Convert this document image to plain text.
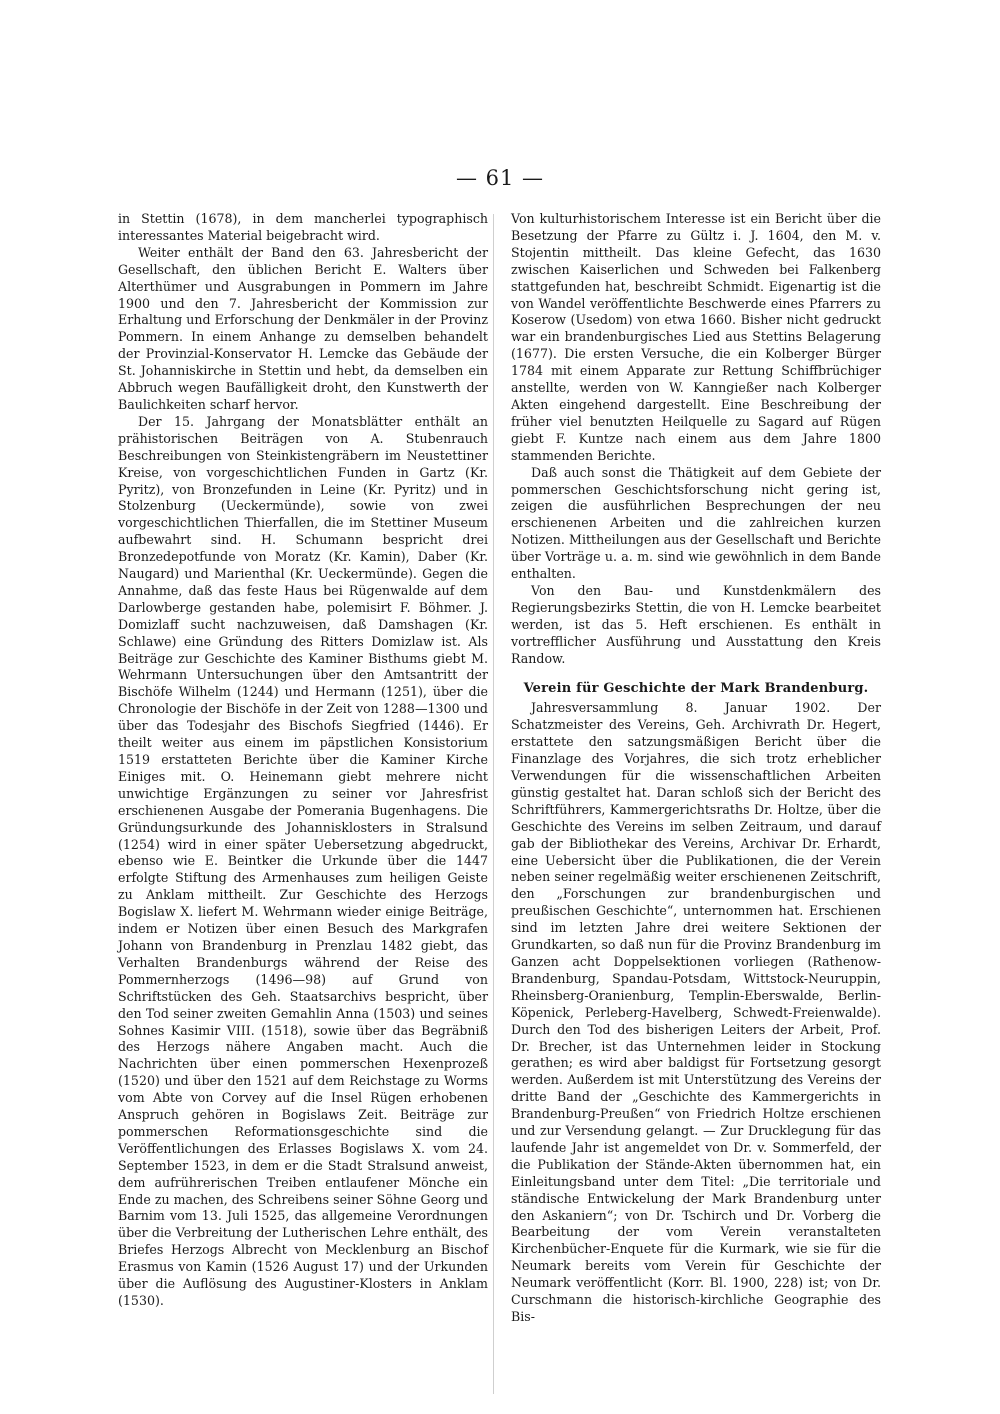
— 61 —

in Stettin (1678), in dem mancherlei typographisch interessantes Material beigebracht wird.

Weiter enthält der Band den 63. Jahresbericht der Gesellschaft, den üblichen Bericht E. Walters über Alterthümer und Ausgrabungen in Pommern im Jahre 1900 und den 7. Jahresbericht der Kommission zur Erhaltung und Erforschung der Denkmäler in der Provinz Pommern. In einem Anhange zu demselben behandelt der Provinzial-Konservator H. Lemcke das Gebäude der St. Johanniskirche in Stettin und hebt, da demselben ein Abbruch wegen Baufälligkeit droht, den Kunstwerth der Baulichkeiten scharf hervor.

Der 15. Jahrgang der Monatsblätter enthält an prähistorischen Beiträgen von A. Stubenrauch Beschreibungen von Steinkistengräbern im Neustettiner Kreise, von vorgeschichtlichen Funden in Gartz (Kr. Pyritz), von Bronzefunden in Leine (Kr. Pyritz) und in Stolzenburg (Ueckermünde), sowie von zwei vorgeschichtlichen Thierfallen, die im Stettiner Museum aufbewahrt sind. H. Schumann bespricht drei Bronzedepotfunde von Moratz (Kr. Kamin), Daber (Kr. Naugard) und Marienthal (Kr. Ueckermünde). Gegen die Annahme, daß das feste Haus bei Rügenwalde auf dem Darlowberge gestanden habe, polemisirt F. Böhmer. J. Domizlaff sucht nachzuweisen, daß Damshagen (Kr. Schlawe) eine Gründung des Ritters Domizlaw ist. Als Beiträge zur Geschichte des Kaminer Bisthums giebt M. Wehrmann Untersuchungen über den Amtsantritt der Bischöfe Wilhelm (1244) und Hermann (1251), über die Chronologie der Bischöfe in der Zeit von 1288—1300 und über das Todesjahr des Bischofs Siegfried (1446). Er theilt weiter aus einem im päpstlichen Konsistorium 1519 erstatteten Berichte über die Kaminer Kirche Einiges mit. O. Heinemann giebt mehrere nicht unwichtige Ergänzungen zu seiner vor Jahresfrist erschienenen Ausgabe der Pomerania Bugenhagens. Die Gründungsurkunde des Johannisklosters in Stralsund (1254) wird in einer später Uebersetzung abgedruckt, ebenso wie E. Beintker die Urkunde über die 1447 erfolgte Stiftung des Armenhauses zum heiligen Geiste zu Anklam mittheilt. Zur Geschichte des Herzogs Bogislaw X. liefert M. Wehrmann wieder einige Beiträge, indem er Notizen über einen Besuch des Markgrafen Johann von Brandenburg in Prenzlau 1482 giebt, das Verhalten Brandenburgs während der Reise des Pommernherzogs (1496—98) auf Grund von Schriftstücken des Geh. Staatsarchivs bespricht, über den Tod seiner zweiten Gemahlin Anna (1503) und seines Sohnes Kasimir VIII. (1518), sowie über das Begräbniß des Herzogs nähere Angaben macht. Auch die Nachrichten über einen pommerschen Hexenprozeß (1520) und über den 1521 auf dem Reichstage zu Worms vom Abte von Corvey auf die Insel Rügen erhobenen Anspruch gehören in Bogislaws Zeit. Beiträge zur pommerschen Reformationsgeschichte sind die Veröffentlichungen des Erlasses Bogislaws X. vom 24. September 1523, in dem er die Stadt Stralsund anweist, dem aufrührerischen Treiben entlaufener Mönche ein Ende zu machen, des Schreibens seiner Söhne Georg und Barnim vom 13. Juli 1525, das allgemeine Verordnungen über die Verbreitung der Lutherischen Lehre enthält, des Briefes Herzogs Albrecht von Mecklenburg an Bischof Erasmus von Kamin (1526 August 17) und der Urkunden über die Auflösung des Augustiner-Klosters in Anklam (1530).

Von kulturhistorischem Interesse ist ein Bericht über die Besetzung der Pfarre zu Gültz i. J. 1604, den M. v. Stojentin mittheilt. Das kleine Gefecht, das 1630 zwischen Kaiserlichen und Schweden bei Falkenberg stattgefunden hat, beschreibt Schmidt. Eigenartig ist die von Wandel veröffentlichte Beschwerde eines Pfarrers zu Koserow (Usedom) von etwa 1660. Bisher nicht gedruckt war ein brandenburgisches Lied aus Stettins Belagerung (1677). Die ersten Versuche, die ein Kolberger Bürger 1784 mit einem Apparate zur Rettung Schiffbrüchiger anstellte, werden von W. Kanngießer nach Kolberger Akten eingehend dargestellt. Eine Beschreibung der früher viel benutzten Heilquelle zu Sagard auf Rügen giebt F. Kuntze nach einem aus dem Jahre 1800 stammenden Berichte.

Daß auch sonst die Thätigkeit auf dem Gebiete der pommerschen Geschichtsforschung nicht gering ist, zeigen die ausführlichen Besprechungen der neu erschienenen Arbeiten und die zahlreichen kurzen Notizen. Mittheilungen aus der Gesellschaft und Berichte über Vorträge u. a. m. sind wie gewöhnlich in dem Bande enthalten.

Von den Bau- und Kunstdenkmälern des Regierungsbezirks Stettin, die von H. Lemcke bearbeitet werden, ist das 5. Heft erschienen. Es enthält in vortrefflicher Ausführung und Ausstattung den Kreis Randow.

Verein für Geschichte der Mark Brandenburg.

Jahresversammlung 8. Januar 1902. Der Schatzmeister des Vereins, Geh. Archivrath Dr. Hegert, erstattete den satzungsmäßigen Bericht über die Finanzlage des Vorjahres, die sich trotz erheblicher Verwendungen für die wissenschaftlichen Arbeiten günstig gestaltet hat. Daran schloß sich der Bericht des Schriftführers, Kammergerichtsraths Dr. Holtze, über die Geschichte des Vereins im selben Zeitraum, und darauf gab der Bibliothekar des Vereins, Archivar Dr. Erhardt, eine Uebersicht über die Publikationen, die der Verein neben seiner regelmäßig weiter erschienenen Zeitschrift, den „Forschungen zur brandenburgischen und preußischen Geschichte“, unternommen hat. Erschienen sind im letzten Jahre drei weitere Sektionen der Grundkarten, so daß nun für die Provinz Brandenburg im Ganzen acht Doppelsektionen vorliegen (Rathenow-Brandenburg, Spandau-Potsdam, Wittstock-Neuruppin, Rheinsberg-Oranienburg, Templin-Eberswalde, Berlin-Köpenick, Perleberg-Havelberg, Schwedt-Freienwalde). Durch den Tod des bisherigen Leiters der Arbeit, Prof. Dr. Brecher, ist das Unternehmen leider in Stockung gerathen; es wird aber baldigst für Fortsetzung gesorgt werden. Außerdem ist mit Unterstützung des Vereins der dritte Band der „Geschichte des Kammergerichts in Brandenburg-Preußen“ von Friedrich Holtze erschienen und zur Versendung gelangt. — Zur Drucklegung für das laufende Jahr ist angemeldet von Dr. v. Sommerfeld, der die Publikation der Stände-Akten übernommen hat, ein Einleitungsband unter dem Titel: „Die territoriale und ständische Entwickelung der Mark Brandenburg unter den Askaniern“; von Dr. Tschirch und Dr. Vorberg die Bearbeitung der vom Verein veranstalteten Kirchenbücher-Enquete für die Kurmark, wie sie für die Neumark bereits vom Verein für Geschichte der Neumark veröffentlicht (Korr. Bl. 1900, 228) ist; von Dr. Curschmann die historisch-kirchliche Geographie des Bis-
